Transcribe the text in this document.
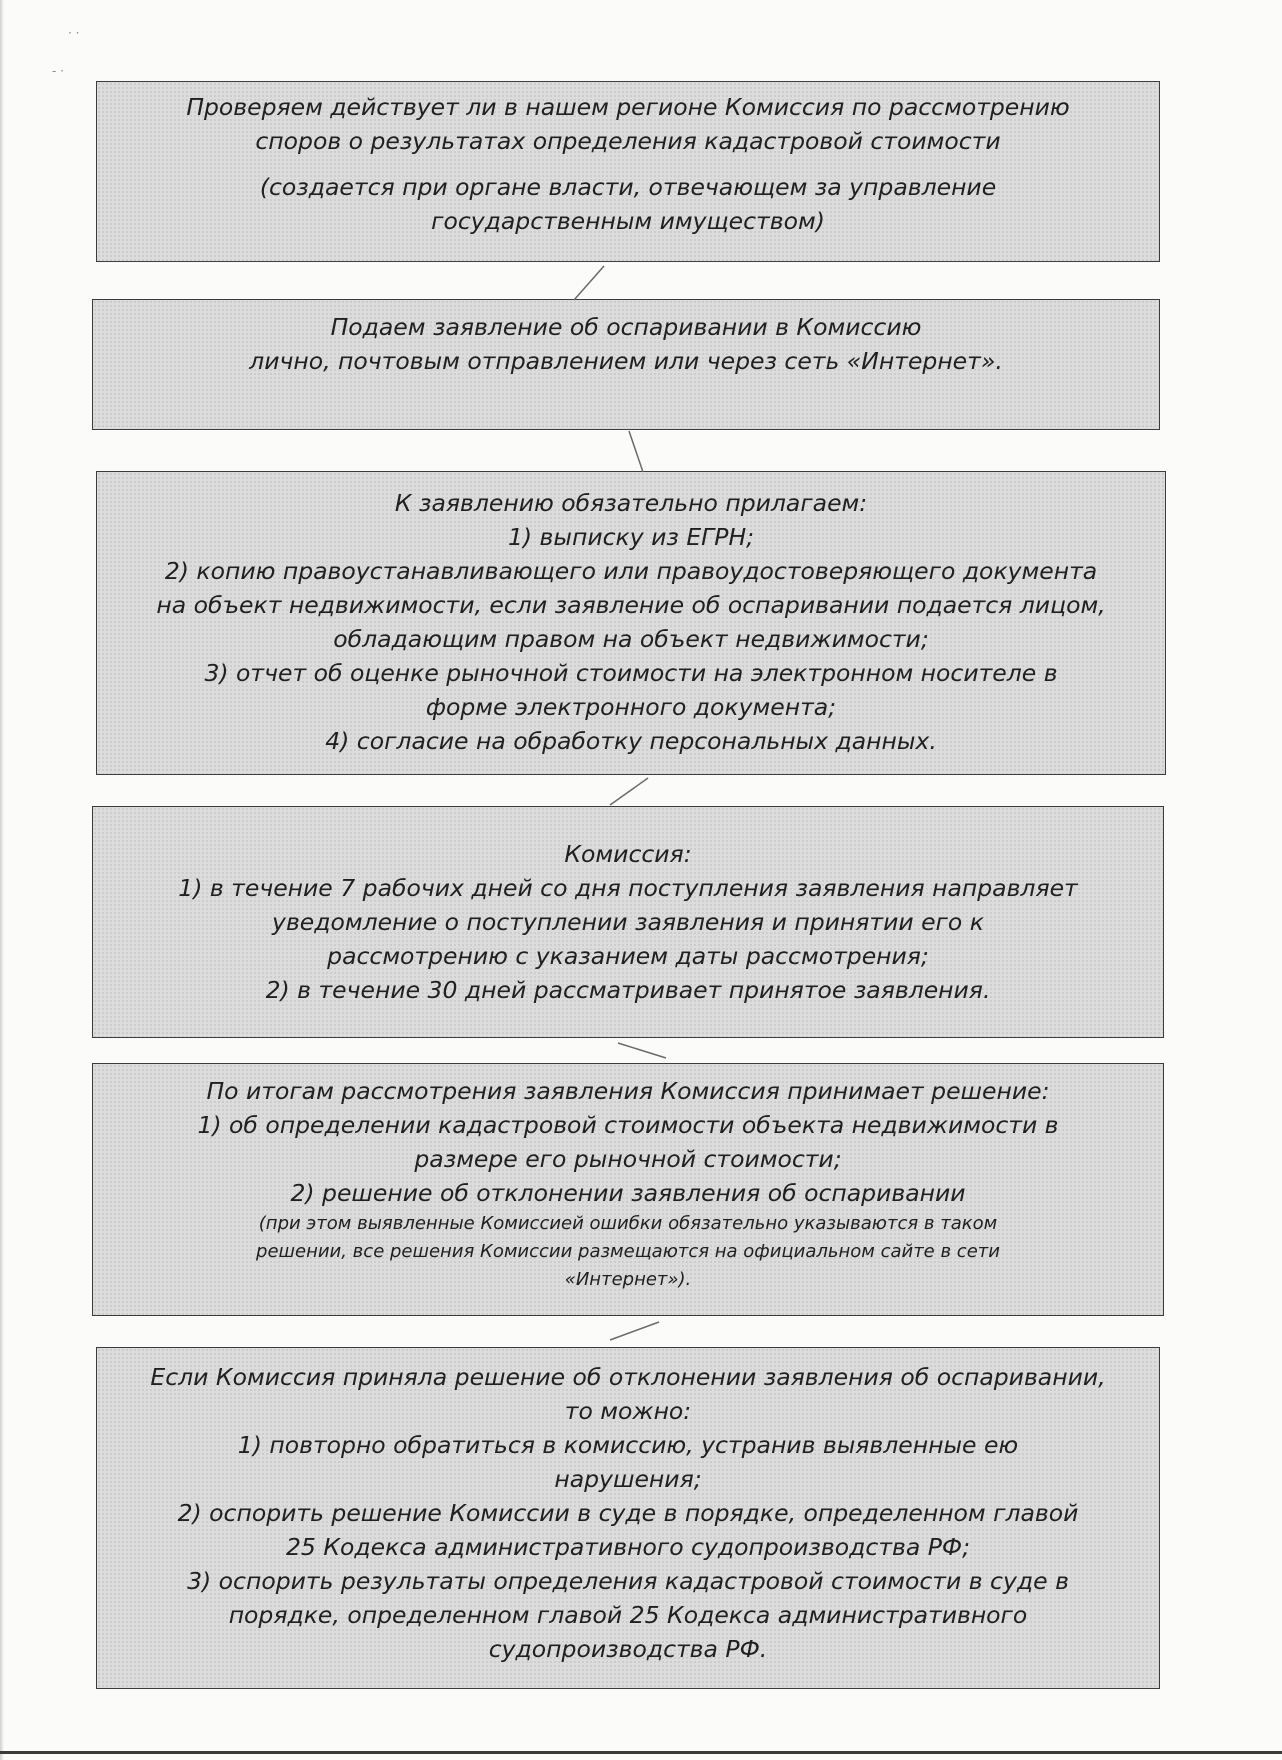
· ·
‑ ·
Проверяем действует ли в нашем регионе Комиссия по рассмотрению
споров о результатах определения кадастровой стоимости
(создается при органе власти, отвечающем за управление
государственным имуществом)
Подаем заявление об оспаривании в Комиссию
лично, почтовым отправлением или через сеть «Интернет».
К заявлению обязательно прилагаем:
1) выписку из ЕГРН;
2) копию правоустанавливающего или правоудостоверяющего документа
на объект недвижимости, если заявление об оспаривании подается лицом,
обладающим правом на объект недвижимости;
3) отчет об оценке рыночной стоимости на электронном носителе в
форме электронного документа;
4) согласие на обработку персональных данных.
Комиссия:
1) в течение 7 рабочих дней со дня поступления заявления направляет
уведомление о поступлении заявления и принятии его к
рассмотрению с указанием даты рассмотрения;
2) в течение 30 дней рассматривает принятое заявления.
По итогам рассмотрения заявления Комиссия принимает решение:
1) об определении кадастровой стоимости объекта недвижимости в
размере его рыночной стоимости;
2) решение об отклонении заявления об оспаривании
(при этом выявленные Комиссией ошибки обязательно указываются в таком
решении, все решения Комиссии размещаются на официальном сайте в сети
«Интернет»).
Если Комиссия приняла решение об отклонении заявления об оспаривании,
то можно:
1) повторно обратиться в комиссию, устранив выявленные ею
нарушения;
2) оспорить решение Комиссии в суде в порядке, определенном главой
25 Кодекса административного судопроизводства РФ;
3) оспорить результаты определения кадастровой стоимости в суде в
порядке, определенном главой 25 Кодекса административного
судопроизводства РФ.
